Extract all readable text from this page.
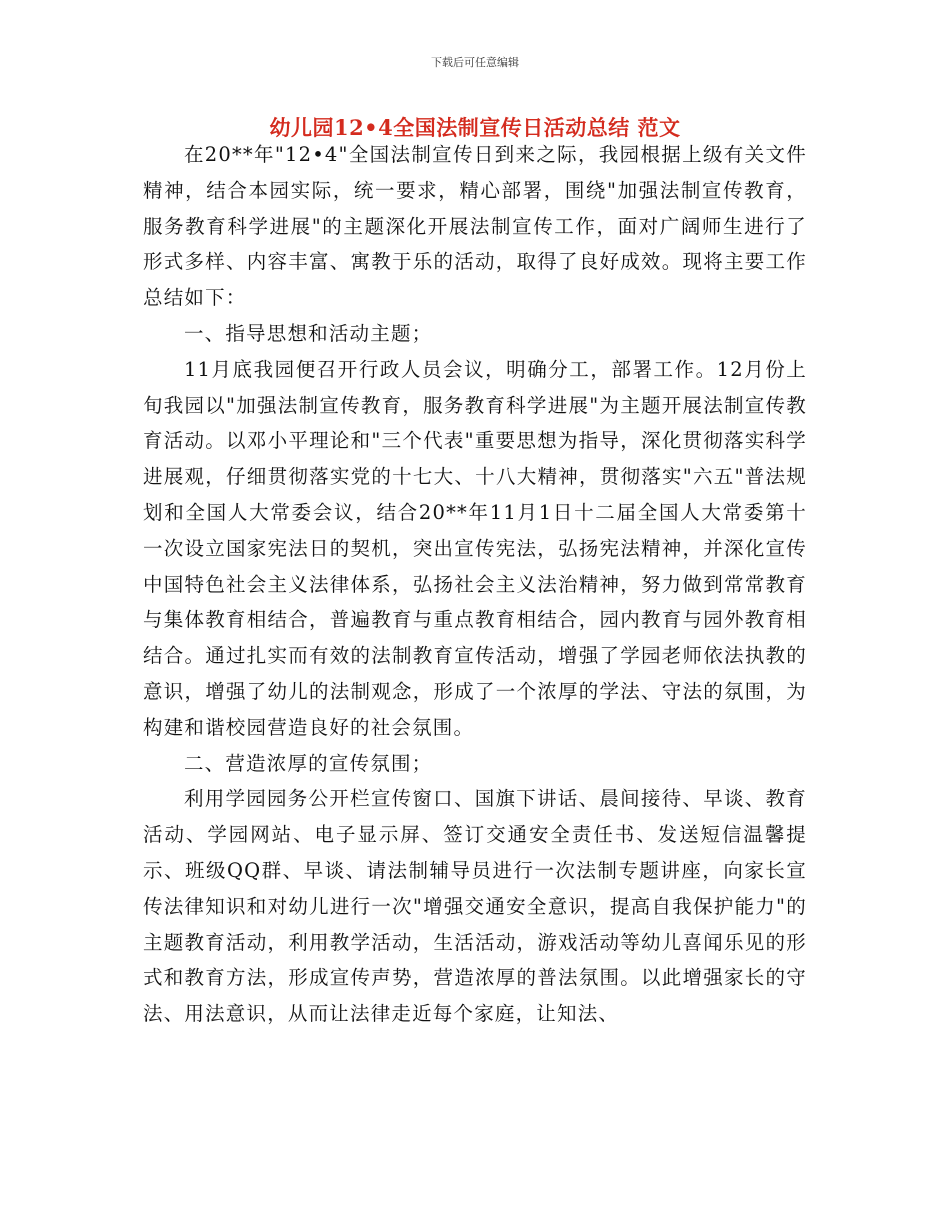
下载后可任意编辑
幼儿园12•4全国法制宣传日活动总结 范文

在20**年"12•4"全国法制宣传日到来之际，我园根据上级有关文件精神，结合本园实际，统一要求，精心部署，围绕"加强法制宣传教育，服务教育科学进展"的主题深化开展法制宣传工作，面对广阔师生进行了形式多样、内容丰富、寓教于乐的活动，取得了良好成效。现将主要工作总结如下：

一、指导思想和活动主题；

11月底我园便召开行政人员会议，明确分工，部署工作。12月份上旬我园以"加强法制宣传教育，服务教育科学进展"为主题开展法制宣传教育活动。以邓小平理论和"三个代表"重要思想为指导，深化贯彻落实科学进展观，仔细贯彻落实党的十七大、十八大精神，贯彻落实"六五"普法规划和全国人大常委会议，结合20**年11月1日十二届全国人大常委第十一次设立国家宪法日的契机，突出宣传宪法，弘扬宪法精神，并深化宣传中国特色社会主义法律体系，弘扬社会主义法治精神，努力做到常常教育与集体教育相结合，普遍教育与重点教育相结合，园内教育与园外教育相结合。通过扎实而有效的法制教育宣传活动，增强了学园老师依法执教的意识，增强了幼儿的法制观念，形成了一个浓厚的学法、守法的氛围，为构建和谐校园营造良好的社会氛围。

二、营造浓厚的宣传氛围；

利用学园园务公开栏宣传窗口、国旗下讲话、晨间接待、早谈、教育活动、学园网站、电子显示屏、签订交通安全责任书、发送短信温馨提示、班级QQ群、早谈、请法制辅导员进行一次法制专题讲座，向家长宣传法律知识和对幼儿进行一次"增强交通安全意识，提高自我保护能力"的主题教育活动，利用教学活动，生活活动，游戏活动等幼儿喜闻乐见的形式和教育方法，形成宣传声势，营造浓厚的普法氛围。以此增强家长的守法、用法意识，从而让法律走近每个家庭，让知法、
